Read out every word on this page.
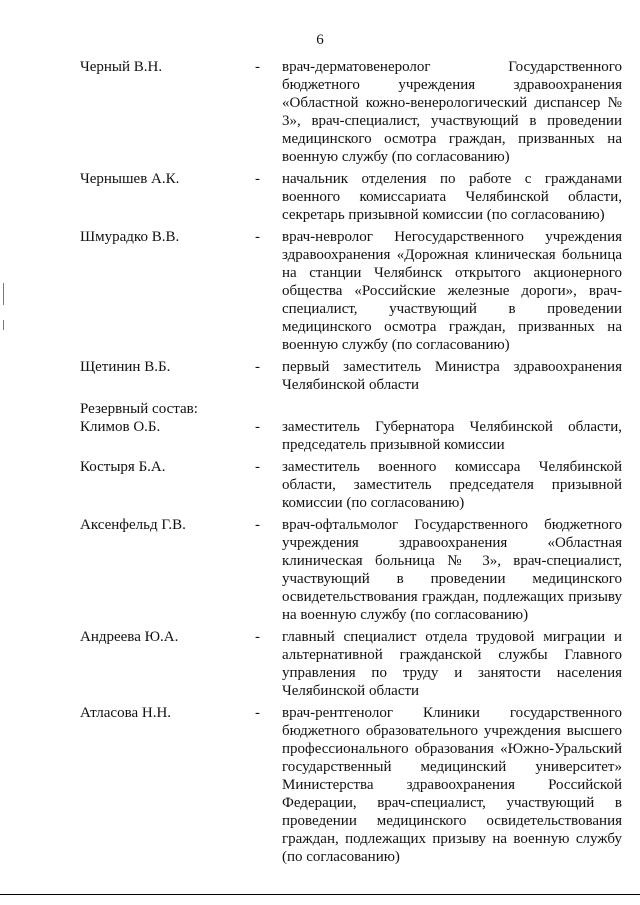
6
Черный В.Н.	-	врач-дерматовенеролог Государственного бюджетного учреждения здравоохранения «Областной кожно-венерологический диспансер № 3», врач-специалист, участвующий в проведении медицинского осмотра граждан, призванных на военную службу (по согласованию)
Чернышев А.К.	-	начальник отделения по работе с гражданами военного комиссариата Челябинской области, секретарь призывной комиссии (по согласованию)
Шмурадко В.В.	-	врач-невролог Негосударственного учреждения здравоохранения «Дорожная клиническая больница на станции Челябинск открытого акционерного общества «Российские железные дороги», врач-специалист, участвующий в проведении медицинского осмотра граждан, призванных на военную службу (по согласованию)
Щетинин В.Б.	-	первый заместитель Министра здравоохранения Челябинской области
Резервный состав:
Климов О.Б.	-	заместитель Губернатора Челябинской области, председатель призывной комиссии
Костыря Б.А.	-	заместитель военного комиссара Челябинской области, заместитель председателя призывной комиссии (по согласованию)
Аксенфельд Г.В.	-	врач-офтальмолог Государственного бюджетного учреждения здравоохранения «Областная клиническая больница № 3», врач-специалист, участвующий в проведении медицинского освидетельствования граждан, подлежащих призыву на военную службу (по согласованию)
Андреева Ю.А.	-	главный специалист отдела трудовой миграции и альтернативной гражданской службы Главного управления по труду и занятости населения Челябинской области
Атласова Н.Н.	-	врач-рентгенолог Клиники государственного бюджетного образовательного учреждения высшего профессионального образования «Южно-Уральский государственный медицинский университет» Министерства здравоохранения Российской Федерации, врач-специалист, участвующий в проведении медицинского освидетельствования граждан, подлежащих призыву на военную службу (по согласованию)
